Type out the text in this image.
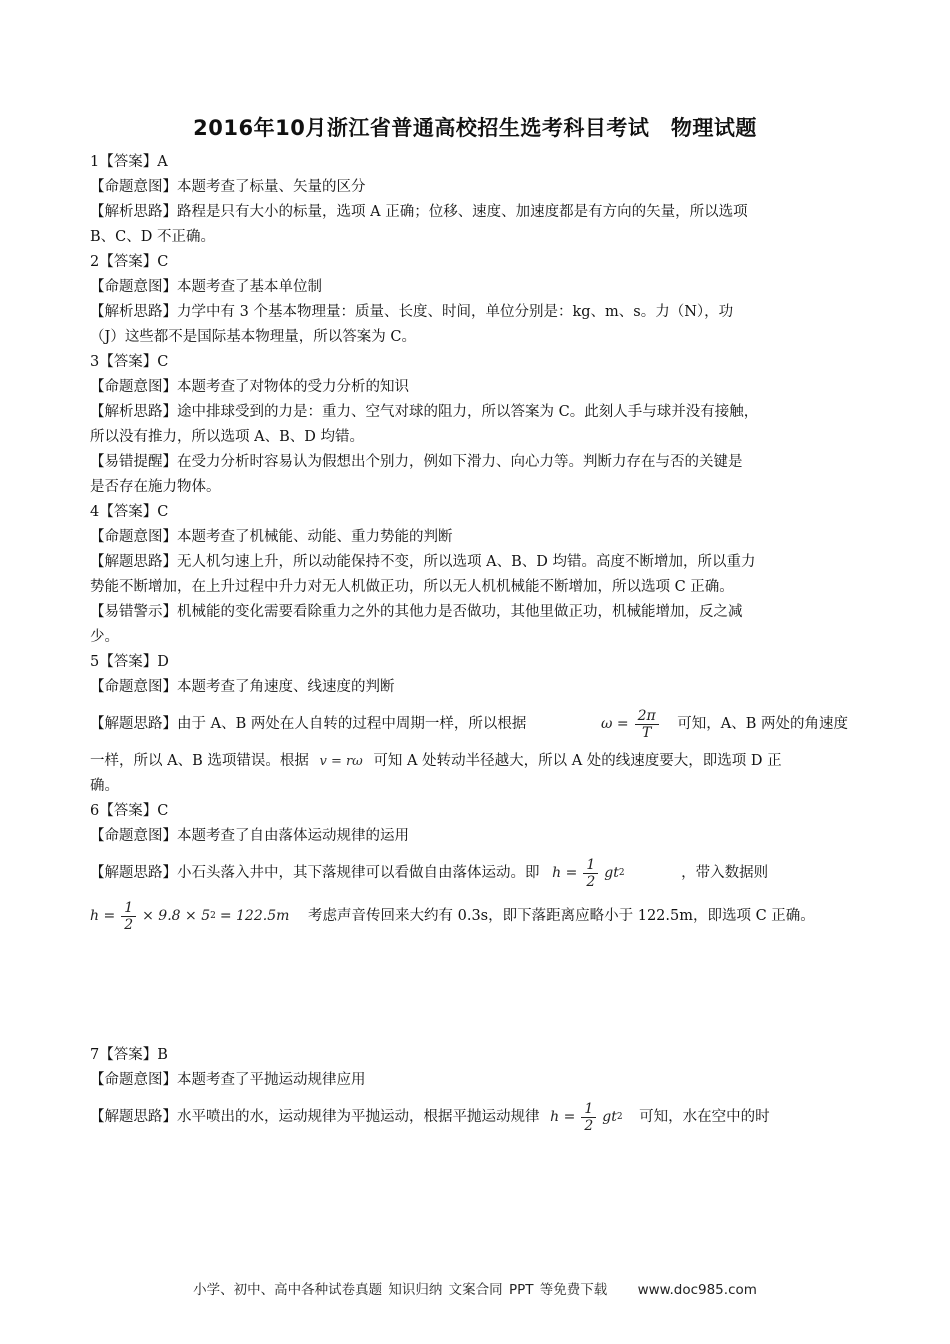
2016年10月浙江省普通高校招生选考科目考试　物理试题
1【答案】A
【命题意图】本题考查了标量、矢量的区分
【解析思路】路程是只有大小的标量，选项 A 正确；位移、速度、加速度都是有方向的矢量，所以选项
B、C、D 不正确。
2【答案】C
【命题意图】本题考查了基本单位制
【解析思路】力学中有 3 个基本物理量：质量、长度、时间，单位分别是：kg、m、s。力（N），功
（J）这些都不是国际基本物理量，所以答案为 C。
3【答案】C
【命题意图】本题考查了对物体的受力分析的知识
【解析思路】途中排球受到的力是：重力、空气对球的阻力，所以答案为 C。此刻人手与球并没有接触，
所以没有推力，所以选项 A、B、D 均错。
【易错提醒】在受力分析时容易认为假想出个别力，例如下滑力、向心力等。判断力存在与否的关键是
是否存在施力物体。
4【答案】C
【命题意图】本题考查了机械能、动能、重力势能的判断
【解题思路】无人机匀速上升，所以动能保持不变，所以选项 A、B、D 均错。高度不断增加，所以重力
势能不断增加，在上升过程中升力对无人机做正功，所以无人机机械能不断增加，所以选项 C 正确。
【易错警示】机械能的变化需要看除重力之外的其他力是否做功，其他里做正功，机械能增加，反之减
少。
5【答案】D
【命题意图】本题考查了角速度、线速度的判断
【解题思路】由于 A、B 两处在人自转的过程中周期一样，所以根据	$\omega = \frac{2\pi}{T}$ 可知，A、B 两处的角速度
一样，所以 A、B 选项错误。根据 v = rω 可知 A 处转动半径越大，所以 A 处的线速度要大，即选项 D 正
确。
6【答案】C
【命题意图】本题考查了自由落体运动规律的运用
【解题思路】小石头落入井中，其下落规律可以看做自由落体运动。即 $h = \frac{1}{2}$ gt 2	，带入数据则
$h = \frac{1}{2} \times 9.8 \times 5$ 2 = 122.5m 考虑声音传回来大约有 0.3s，即下落距离应略小于 122.5m，即选项 C 正确。
7【答案】B
【命题意图】本题考查了平抛运动规律应用
【解题思路】水平喷出的水，运动规律为平抛运动，根据平抛运动规律 $h = \frac{1}{2}$ gt 2 可知，水在空中的时
小学、初中、高中各种试卷真题 知识归纳 文案合同 PPT 等免费下载 www.doc985.com
